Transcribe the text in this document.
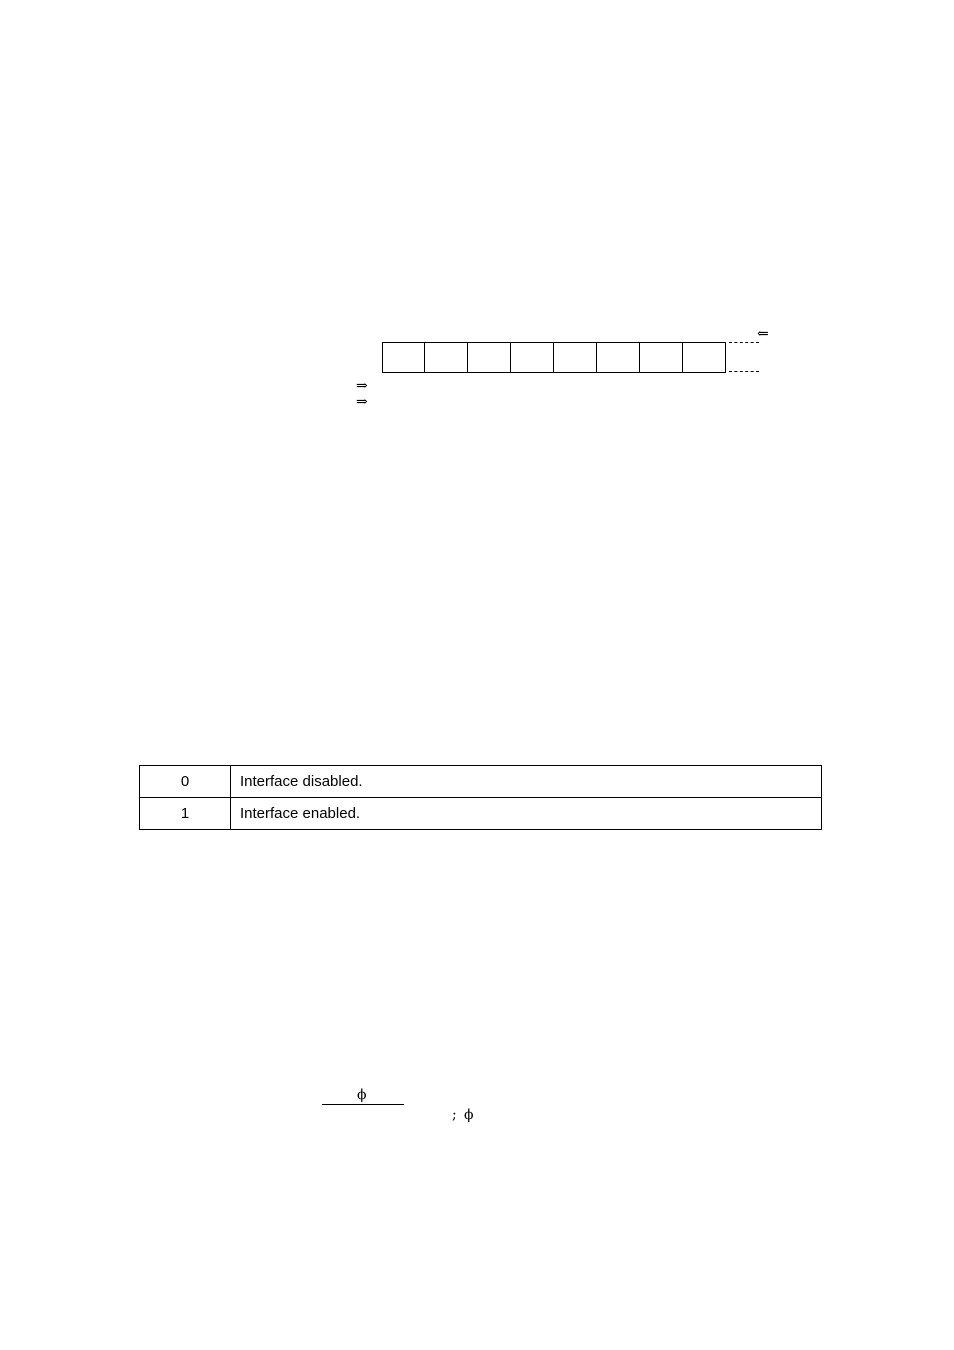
⇐
⇒
⇒
0	Interface disabled.
1	Interface enabled.
ϕ
; ϕ
